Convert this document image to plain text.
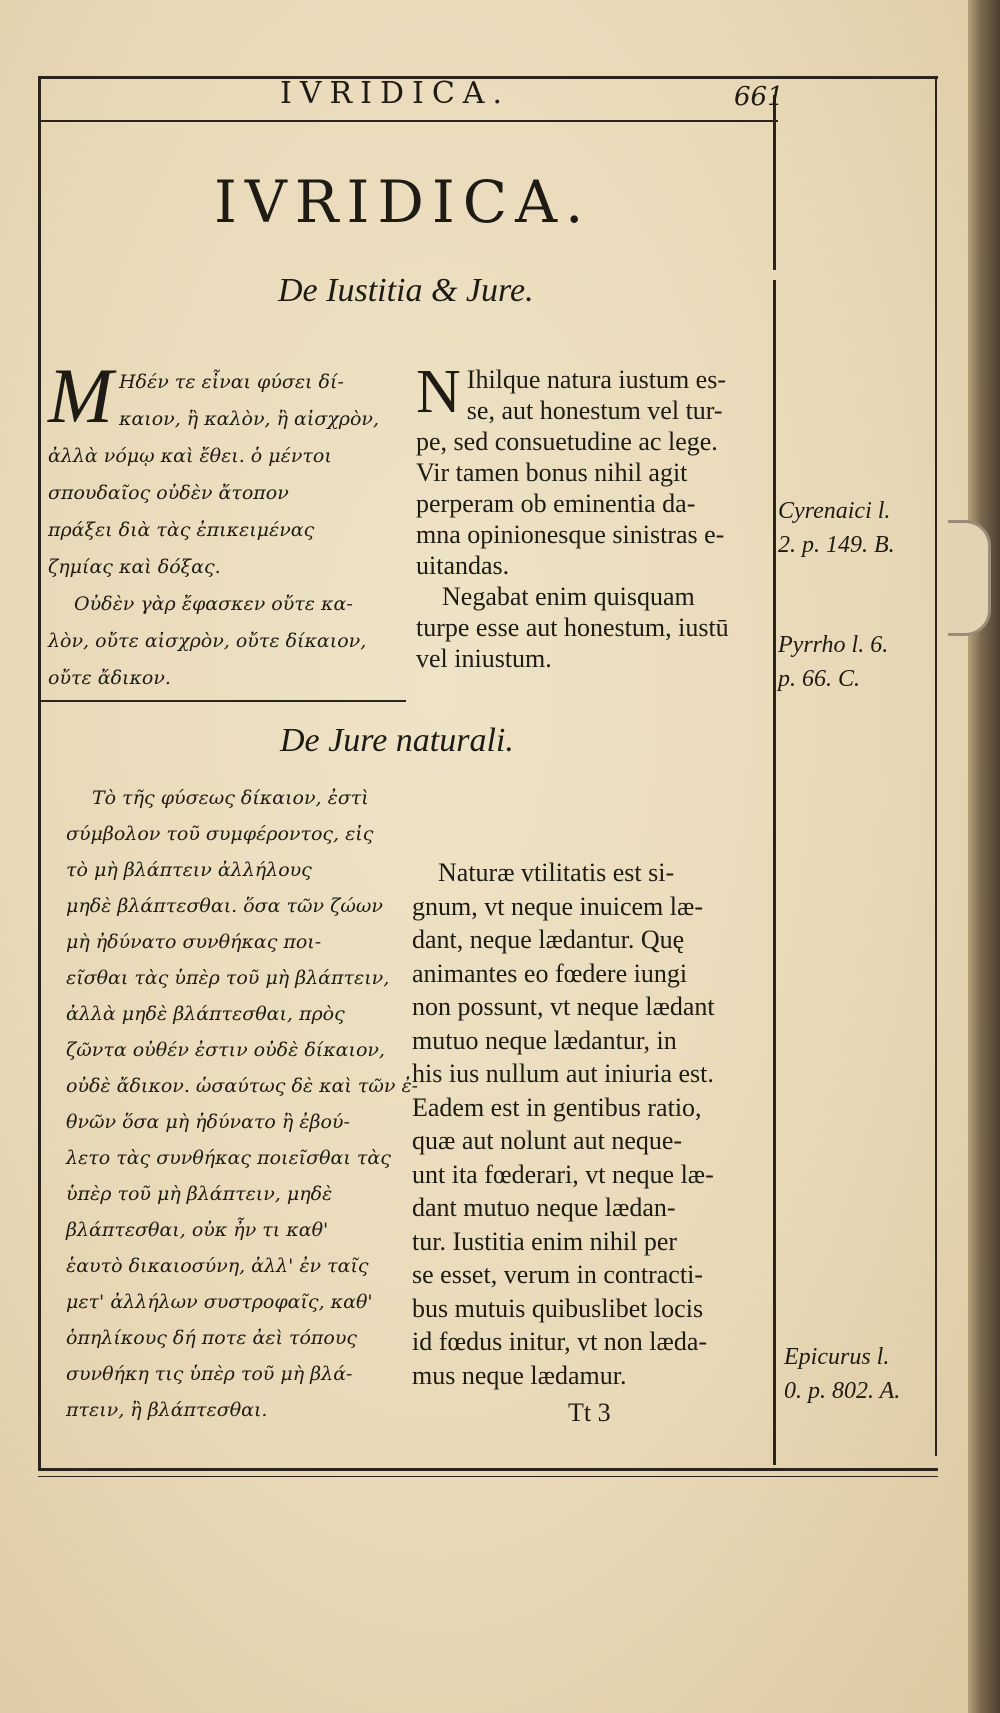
IVRIDICA.	661
IVRIDICA.
De Iustitia & Jure.
Μ Ηδέν τε εἶναι φύσει δί-
καιον, ἢ καλὸν, ἢ αἰσχρὸν,
ἀλλὰ νόμῳ καὶ ἔθει. ὁ μέντοι
σπουδαῖος οὐδὲν ἄτοπον
πράξει διὰ τὰς ἐπικειμένας
ζημίας καὶ δόξας.
Οὐδὲν γὰρ ἔφασκεν οὔτε κα-
λὸν, οὔτε αἰσχρὸν, οὔτε δίκαιον,
οὔτε ἄδικον.
N Ihilque natura iustum es-
se, aut honestum vel tur-
pe, sed consuetudine ac lege.
Vir tamen bonus nihil agit
perperam ob eminentia da-
mna opinionesque sinistras e-
uitandas.
Negabat enim quisquam
turpe esse aut honestum, iustū
vel iniustum.
Cyrenaici l.
2. p. 149. B.
Pyrrho l. 6.
p. 66. C.
De Jure naturali.
Τὸ τῆς φύσεως δίκαιον, ἐστὶ
σύμβολον τοῦ συμφέροντος, εἰς
τὸ μὴ βλάπτειν ἀλλήλους
μηδὲ βλάπτεσθαι. ὅσα τῶν ζώων
μὴ ἠδύνατο συνθήκας ποι-
εῖσθαι τὰς ὑπὲρ τοῦ μὴ βλάπτειν,
ἀλλὰ μηδὲ βλάπτεσθαι, πρὸς
ζῶντα οὐθέν ἐστιν οὐδὲ δίκαιον,
οὐδὲ ἄδικον. ὡσαύτως δὲ καὶ τῶν ἐ-
θνῶν ὅσα μὴ ἠδύνατο ἢ ἐβού-
λετο τὰς συνθήκας ποιεῖσθαι τὰς
ὑπὲρ τοῦ μὴ βλάπτειν, μηδὲ
βλάπτεσθαι, οὐκ ἦν τι καθ'
ἑαυτὸ δικαιοσύνη, ἀλλ' ἐν ταῖς
μετ' ἀλλήλων συστροφαῖς, καθ'
ὁπηλίκους δή ποτε ἀεὶ τόπους
συνθήκη τις ὑπὲρ τοῦ μὴ βλά-
πτειν, ἢ βλάπτεσθαι.
Naturæ vtilitatis est si-
gnum, vt neque inuicem læ-
dant, neque lædantur. Quę
animantes eo fœdere iungi
non possunt, vt neque lædant
mutuo neque lædantur, in
his ius nullum aut iniuria est.
Eadem est in gentibus ratio,
quæ aut nolunt aut neque-
unt ita fœderari, vt neque læ-
dant mutuo neque lædan-
tur. Iustitia enim nihil per
se esset, verum in contracti-
bus mutuis quibuslibet locis
id fœdus initur, vt non læda-
mus neque lædamur.
Epicurus l.
0. p. 802. A.
Tt 3
